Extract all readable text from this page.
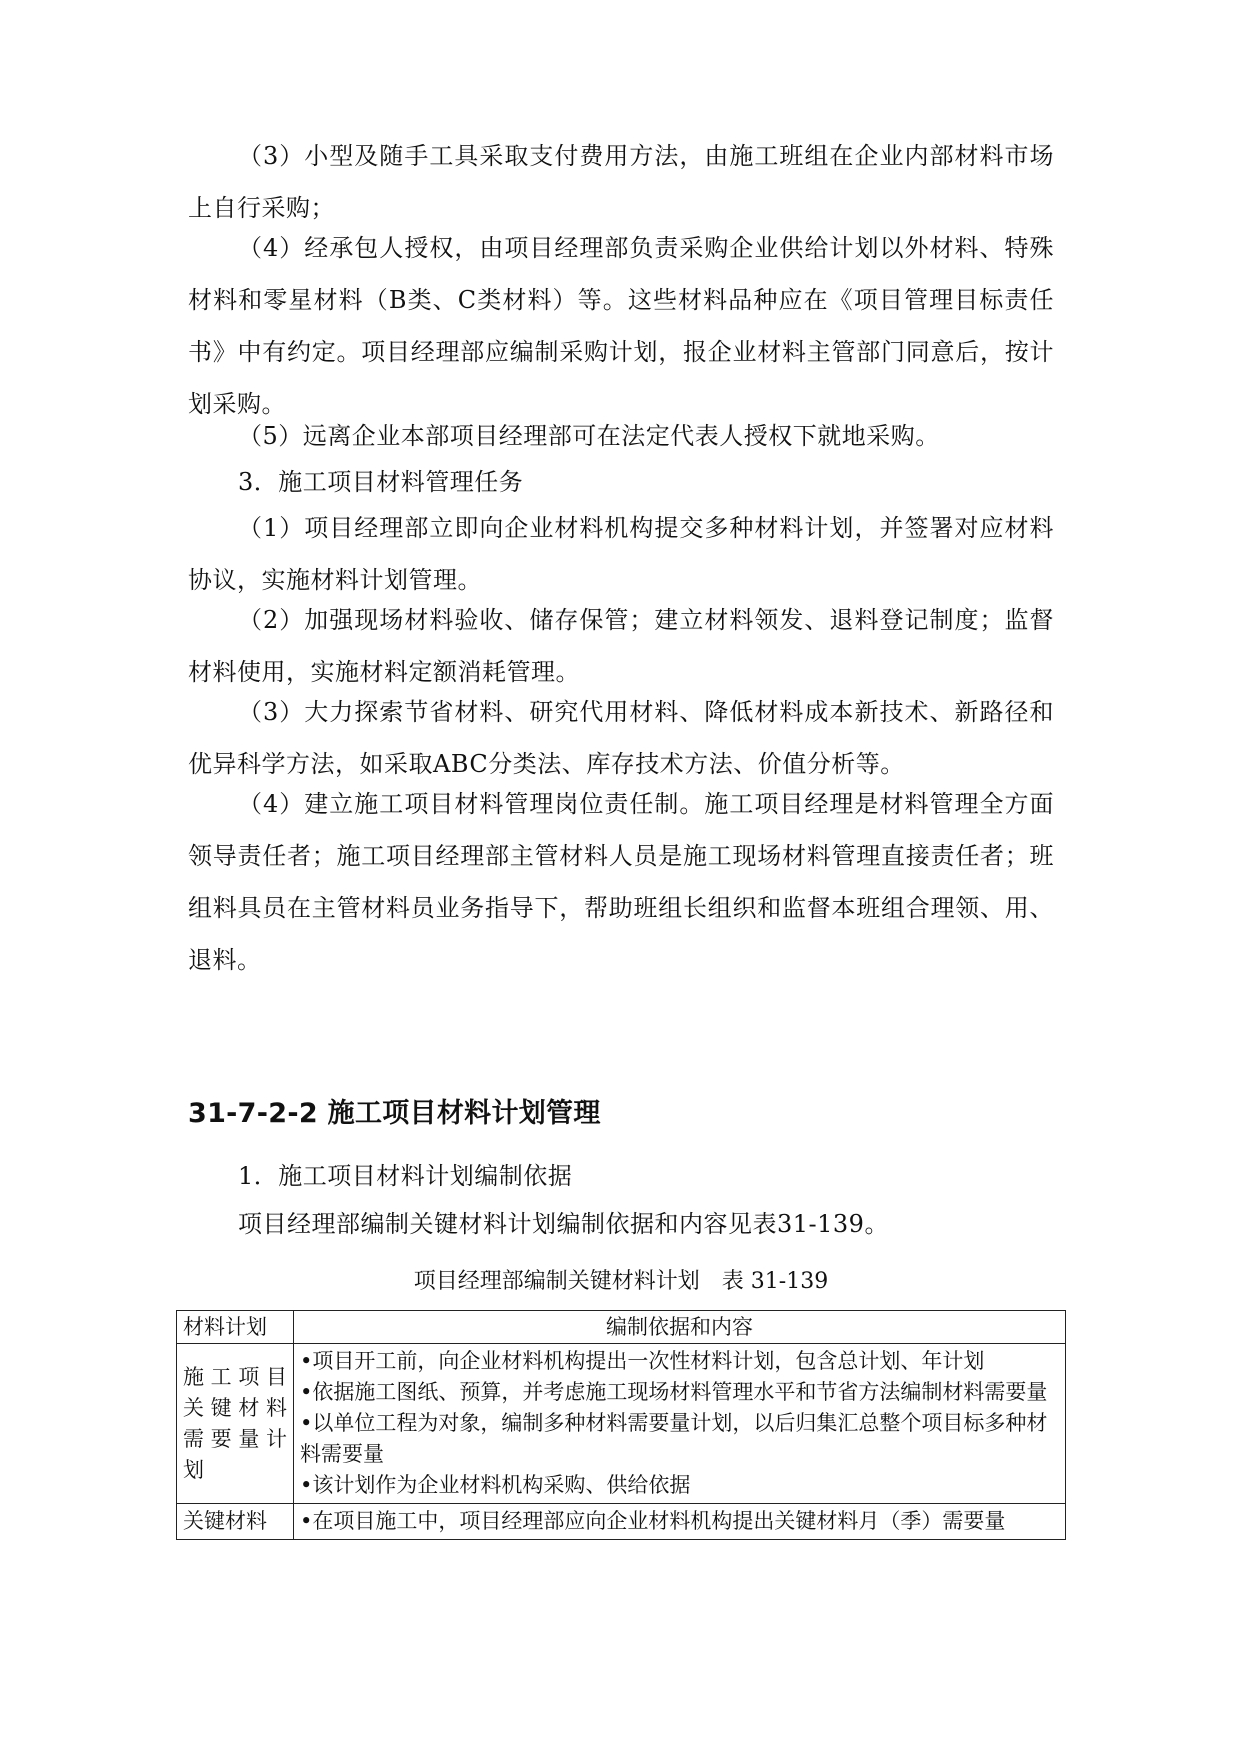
（3）小型及随手工具采取支付费用方法，由施工班组在企业内部材料市场上自行采购；

（4）经承包人授权，由项目经理部负责采购企业供给计划以外材料、特殊材料和零星材料（B类、C类材料）等。这些材料品种应在《项目管理目标责任书》中有约定。项目经理部应编制采购计划，报企业材料主管部门同意后，按计划采购。

（5）远离企业本部项目经理部可在法定代表人授权下就地采购。

3．施工项目材料管理任务

（1）项目经理部立即向企业材料机构提交多种材料计划，并签署对应材料协议，实施材料计划管理。

（2）加强现场材料验收、储存保管；建立材料领发、退料登记制度；监督材料使用，实施材料定额消耗管理。

（3）大力探索节省材料、研究代用材料、降低材料成本新技术、新路径和优异科学方法，如采取ABC分类法、库存技术方法、价值分析等。

（4）建立施工项目材料管理岗位责任制。施工项目经理是材料管理全方面领导责任者；施工项目经理部主管材料人员是施工现场材料管理直接责任者；班组料具员在主管材料员业务指导下，帮助班组长组织和监督本班组合理领、用、退料。

31-7-2-2 施工项目材料计划管理

1．施工项目材料计划编制依据

项目经理部编制关键材料计划编制依据和内容见表31-139。

项目经理部编制关键材料计划 表 31-139

材料计划	编制依据和内容
施工项目关键材料需要量计划	•项目开工前，向企业材料机构提出一次性材料计划，包含总计划、年计划
•依据施工图纸、预算，并考虑施工现场材料管理水平和节省方法编制材料需要量
•以单位工程为对象，编制多种材料需要量计划，以后归集汇总整个项目标多种材料需要量
•该计划作为企业材料机构采购、供给依据

关键材料	•在项目施工中，项目经理部应向企业材料机构提出关键材料月（季）需要量
